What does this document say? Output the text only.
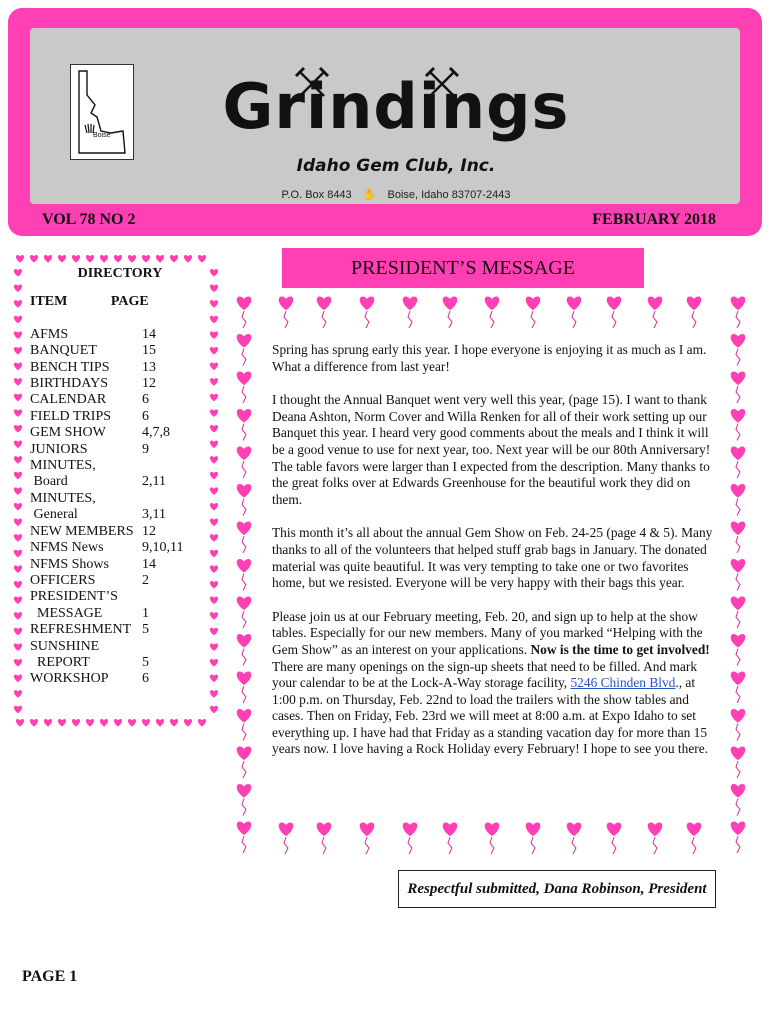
Boise Grindings
Idaho Gem Club, Inc.
P.O. Box 8443 ✋ Boise, Idaho 83707-2443
VOL 78 NO 2	FEBRUARY 2018
DIRECTORY
ITEM	PAGE
AFMS	14
BANQUET	15
BENCH TIPS	13
BIRTHDAYS	12
CALENDAR	6
FIELD TRIPS	6
GEM SHOW	4,7,8
JUNIORS	9
MINUTES,
Board	2,11
MINUTES,
General	3,11
NEW MEMBERS 12
NFMS News	9,10,11
NFMS Shows	14
OFFICERS	2
PRESIDENT’S
MESSAGE	1
REFRESHMENT 5
SUNSHINE
REPORT	5
WORKSHOP	6
PRESIDENT’S MESSAGE

Spring has sprung early this year. I hope everyone is enjoying it as much as I am. What a difference from last year!

I thought the Annual Banquet went very well this year, (page 15). I want to thank Deana Ashton, Norm Cover and Willa Renken for all of their work setting up our Banquet this year. I heard very good comments about the meals and I think it will be a good venue to use for next year, too. Next year will be our 80th Anniversary! The table favors were larger than I expected from the description. Many thanks to the great folks over at Edwards Greenhouse for the beautiful work they did on them.

This month it’s all about the annual Gem Show on Feb. 24-25 (page 4 & 5). Many thanks to all of the volunteers that helped stuff grab bags in January. The donated material was quite beautiful. It was very tempting to take one or two favorites home, but we resisted. Everyone will be very happy with their bags this year.

Please join us at our February meeting, Feb. 20, and sign up to help at the show tables. Especially for our new members. Many of you marked “Helping with the Gem Show” as an interest on your applications. Now is the time to get involved! There are many openings on the sign-up sheets that need to be filled. And mark your calendar to be at the Lock-A-Way storage facility, 5246 Chinden Blvd., at 1:00 p.m. on Thursday, Feb. 22nd to load the trailers with the show tables and cases. Then on Friday, Feb. 23rd we will meet at 8:00 a.m. at Expo Idaho to set everything up. I have had that Friday as a standing vacation day for more than 15 years now. I love having a Rock Holiday every February! I hope to see you there.

Respectful submitted, Dana Robinson, President
PAGE 1
